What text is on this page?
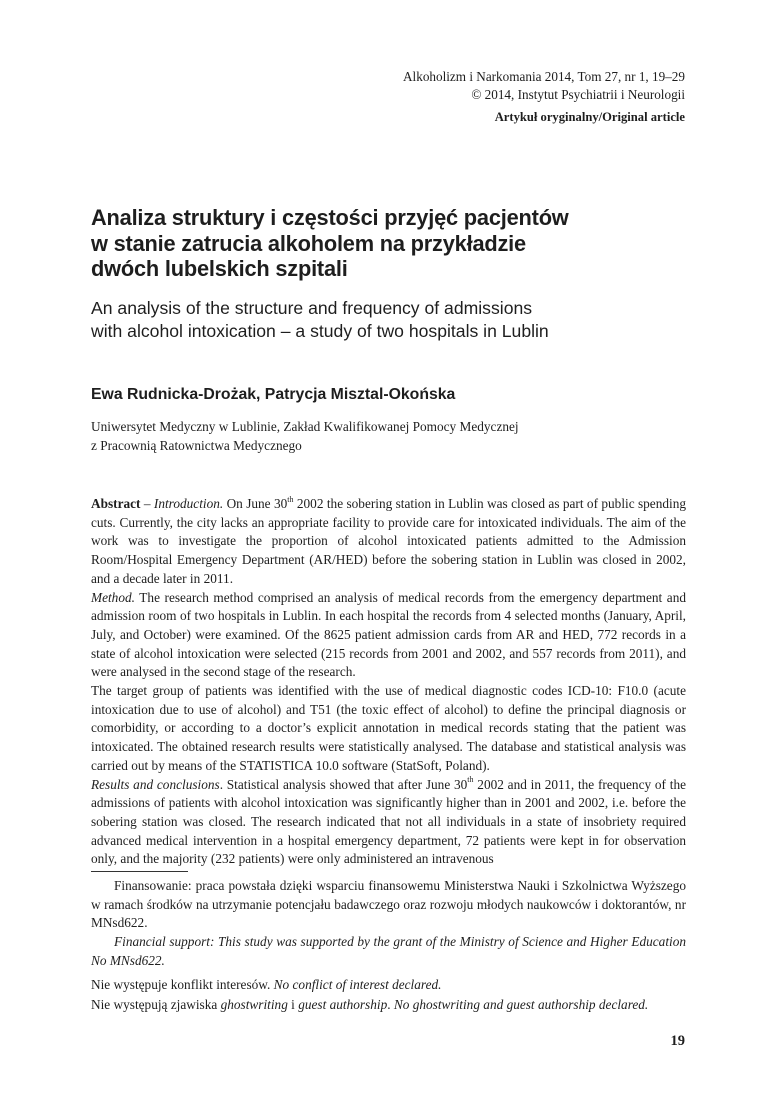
Alkoholizm i Narkomania 2014, Tom 27, nr 1, 19–29
© 2014, Instytut Psychiatrii i Neurologii
Artykuł oryginalny/Original article
Analiza struktury i częstości przyjęć pacjentów
w stanie zatrucia alkoholem na przykładzie
dwóch lubelskich szpitali
An analysis of the structure and frequency of admissions
with alcohol intoxication – a study of two hospitals in Lublin
Ewa Rudnicka-Drożak, Patrycja Misztal-Okońska
Uniwersytet Medyczny w Lublinie, Zakład Kwalifikowanej Pomocy Medycznej
z Pracownią Ratownictwa Medycznego

Abstract – Introduction. On June 30th 2002 the sobering station in Lublin was closed as part of public spending cuts. Currently, the city lacks an appropriate facility to provide care for intoxicated individuals. The aim of the work was to investigate the proportion of alcohol intoxicated patients admitted to the Admission Room/Hospital Emergency Department (AR/HED) before the sobering station in Lublin was closed in 2002, and a decade later in 2011.

Method. The research method comprised an analysis of medical records from the emergency department and admission room of two hospitals in Lublin. In each hospital the records from 4 selected months (January, April, July, and October) were examined. Of the 8625 patient admission cards from AR and HED, 772 records in a state of alcohol intoxication were selected (215 records from 2001 and 2002, and 557 records from 2011), and were analysed in the second stage of the research.

The target group of patients was identified with the use of medical diagnostic codes ICD-10: F10.0 (acute intoxication due to use of alcohol) and T51 (the toxic effect of alcohol) to define the principal diagnosis or comorbidity, or according to a doctor’s explicit annotation in medical records stating that the patient was intoxicated. The obtained research results were statistically analysed. The database and statistical analysis was carried out by means of the STATISTICA 10.0 software (StatSoft, Poland).

Results and conclusions. Statistical analysis showed that after June 30th 2002 and in 2011, the frequency of the admissions of patients with alcohol intoxication was significantly higher than in 2001 and 2002, i.e. before the sobering station was closed. The research indicated that not all individuals in a state of insobriety required advanced medical intervention in a hospital emergency department, 72 patients were kept in for observation only, and the majority (232 patients) were only administered an intravenous

Finansowanie: praca powstała dzięki wsparciu finansowemu Ministerstwa Nauki i Szkolnictwa Wyższego w ramach środków na utrzymanie potencjału badawczego oraz rozwoju młodych naukowców i doktorantów, nr MNsd622.

Financial support: This study was supported by the grant of the Ministry of Science and Higher Education No MNsd622.

Nie występuje konflikt interesów. No conflict of interest declared.
Nie występują zjawiska ghostwriting i guest authorship. No ghostwriting and guest authorship declared.
19
